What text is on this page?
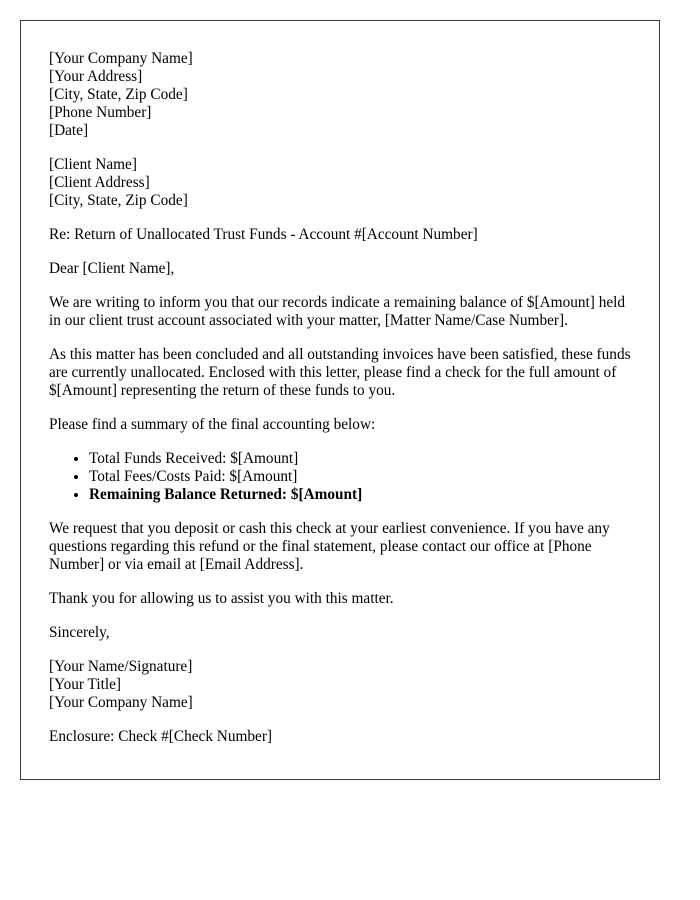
[Your Company Name]
[Your Address]
[City, State, Zip Code]
[Phone Number]
[Date]
[Client Name]
[Client Address]
[City, State, Zip Code]

Re: Return of Unallocated Trust Funds - Account #[Account Number]

Dear [Client Name],

We are writing to inform you that our records indicate a remaining balance of $[Amount] held in our client trust account associated with your matter, [Matter Name/Case Number].

As this matter has been concluded and all outstanding invoices have been satisfied, these funds are currently unallocated. Enclosed with this letter, please find a check for the full amount of $[Amount] representing the return of these funds to you.

Please find a summary of the final accounting below:

• Total Funds Received: $[Amount]
• Total Fees/Costs Paid: $[Amount]
• Remaining Balance Returned: $[Amount]

We request that you deposit or cash this check at your earliest convenience. If you have any questions regarding this refund or the final statement, please contact our office at [Phone Number] or via email at [Email Address].

Thank you for allowing us to assist you with this matter.

Sincerely,

[Your Name/Signature]
[Your Title]
[Your Company Name]

Enclosure: Check #[Check Number]
